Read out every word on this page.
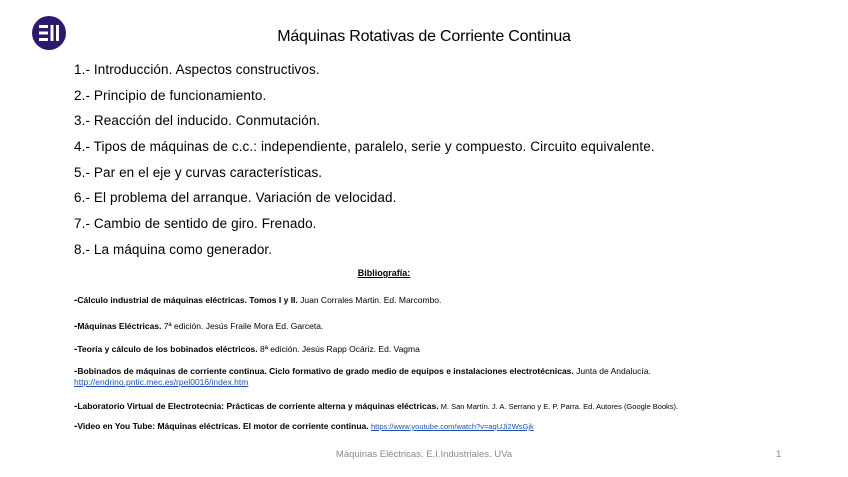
Máquinas Rotativas de Corriente Continua
1.- Introducción. Aspectos constructivos.
2.- Principio de funcionamiento.
3.- Reacción del inducido. Conmutación.
4.- Tipos de máquinas de c.c.: independiente, paralelo, serie y compuesto. Circuito equivalente.
5.- Par en el eje y curvas características.
6.- El problema del arranque. Variación de velocidad.
7.- Cambio de sentido de giro. Frenado.
8.- La máquina como generador.
Bibliografía:
-Cálculo industrial de máquinas eléctricas. Tomos I y II. Juan Corrales Martin. Ed. Marcombo.
-Máquinas Eléctricas. 7ª edición. Jesús Fraile Mora Ed. Garceta.
-Teoría y cálculo de los bobinados eléctricos. 8ª edición. Jesús Rapp Ocáriz. Ed. Vagma
-Bobinados de máquinas de corriente continua. Ciclo formativo de grado medio de equipos e instalaciones electrotécnicas. Junta de Andalucía.
http://endrino.pntic.mec.es/rpel0016/index.htm
-Laboratorio Virtual de Electrotecnia: Prácticas de corriente alterna y máquinas eléctricas. M. San Martín. J. A. Serrano y E. P. Parra. Ed. Autores (Google Books).
-Video en You Tube: Máquinas eléctricas. El motor de corriente continua. https://www.youtube.com/watch?v=aqUJi2WsGjk
Máquinas Eléctricas. E.I.Industriales. UVa	1
